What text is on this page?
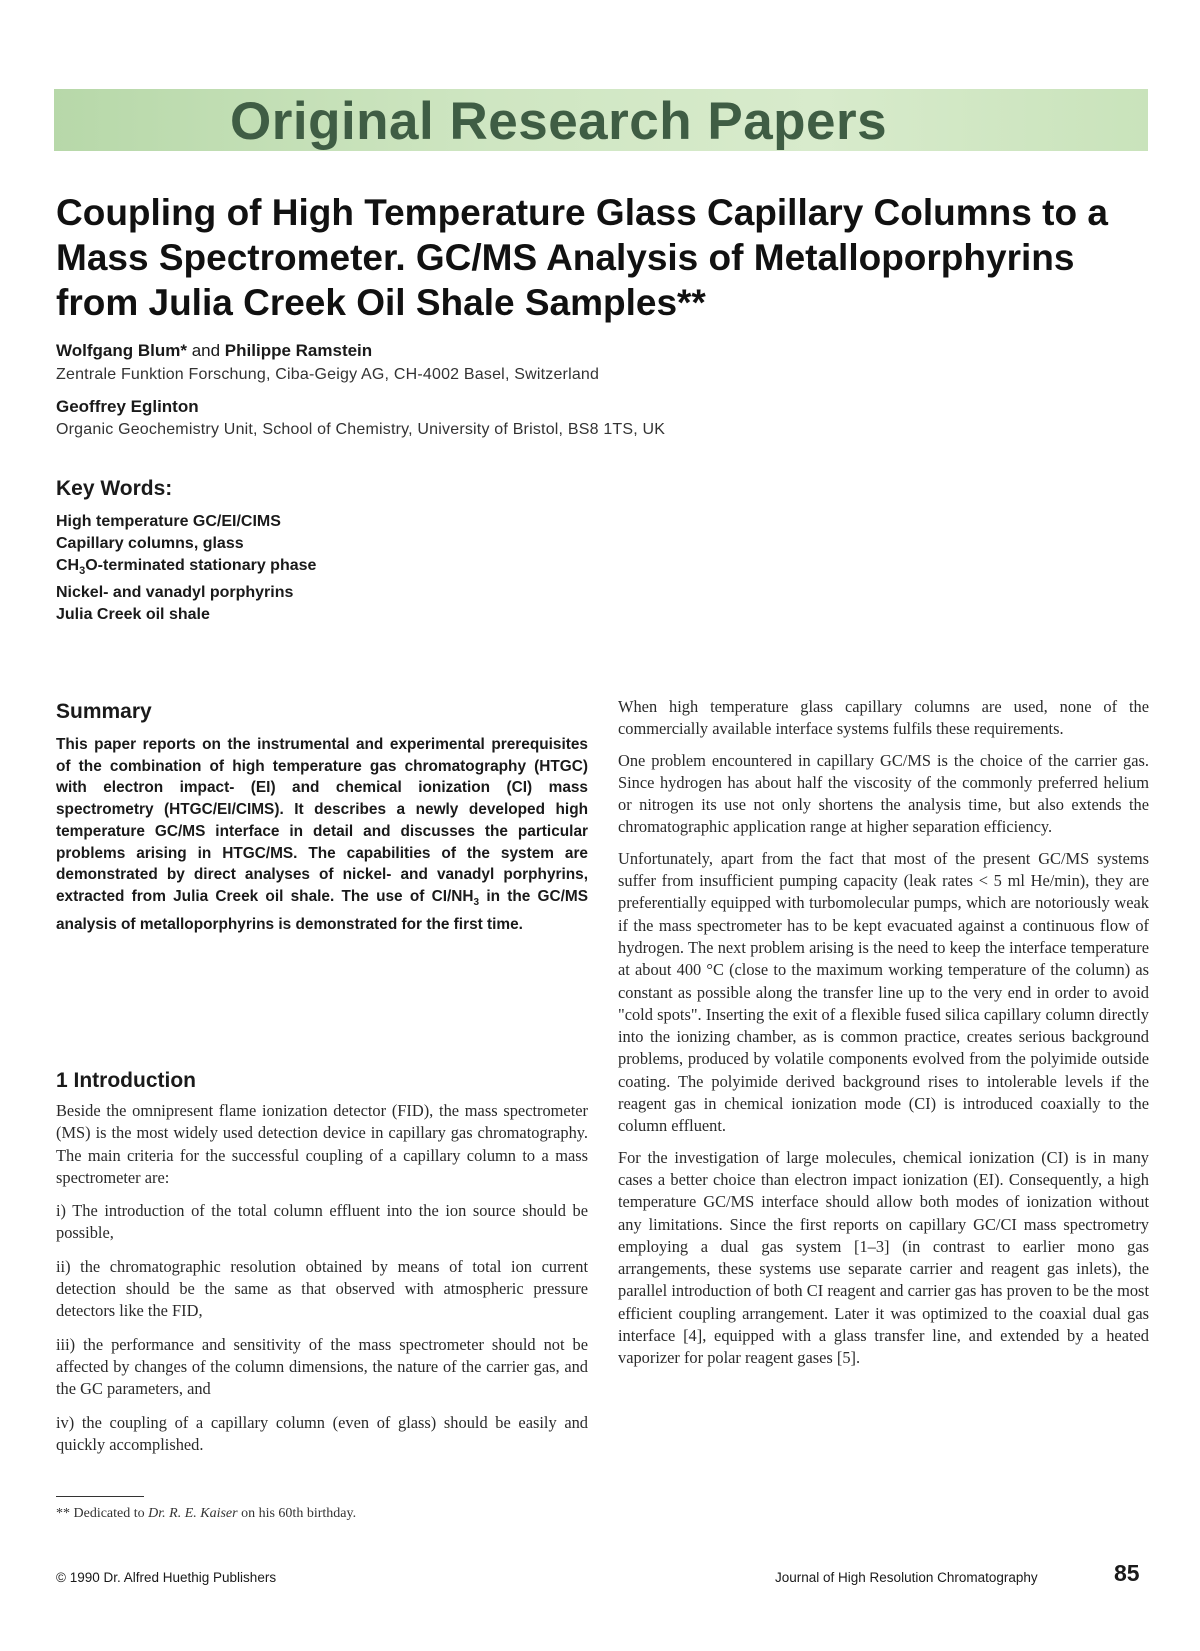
Original Research Papers
Coupling of High Temperature Glass Capillary Columns to a
Mass Spectrometer. GC/MS Analysis of Metalloporphyrins
from Julia Creek Oil Shale Samples**
Wolfgang Blum* and Philippe Ramstein
Zentrale Funktion Forschung, Ciba-Geigy AG, CH-4002 Basel, Switzerland
Geoffrey Eglinton
Organic Geochemistry Unit, School of Chemistry, University of Bristol, BS8 1TS, UK
Key Words:
High temperature GC/EI/CIMS
Capillary columns, glass
$CH_3O$-terminated stationary phase
Nickel- and vanadyl porphyrins
Julia Creek oil shale
Summary

This paper reports on the instrumental and experimental prerequisites of the combination of high temperature gas chromatography (HTGC) with electron impact- (EI) and chemical ionization (CI) mass spectrometry (HTGC/EI/CIMS). It describes a newly developed high temperature GC/MS interface in detail and discusses the particular problems arising in HTGC/MS. The capabilities of the system are demonstrated by direct analyses of nickel- and vanadyl porphyrins, extracted from Julia Creek oil shale. The use of $CI/NH_3$ in the GC/MS analysis of metalloporphyrins is demonstrated for the first time.

1 Introduction

Beside the omnipresent flame ionization detector (FID), the mass spectrometer (MS) is the most widely used detection device in capillary gas chromatography. The main criteria for the successful coupling of a capillary column to a mass spectrometer are:

i) The introduction of the total column effluent into the ion source should be possible,

ii) the chromatographic resolution obtained by means of total ion current detection should be the same as that observed with atmospheric pressure detectors like the FID,

iii) the performance and sensitivity of the mass spectrometer should not be affected by changes of the column dimensions, the nature of the carrier gas, and the GC parameters, and

iv) the coupling of a capillary column (even of glass) should be easily and quickly accomplished.

When high temperature glass capillary columns are used, none of the commercially available interface systems fulfils these requirements.

One problem encountered in capillary GC/MS is the choice of the carrier gas. Since hydrogen has about half the viscosity of the commonly preferred helium or nitrogen its use not only shortens the analysis time, but also extends the chromatographic application range at higher separation efficiency.

Unfortunately, apart from the fact that most of the present GC/MS systems suffer from insufficient pumping capacity (leak rates < 5 ml He/min), they are preferentially equipped with turbomolecular pumps, which are notoriously weak if the mass spectrometer has to be kept evacuated against a continuous flow of hydrogen. The next problem arising is the need to keep the interface temperature at about 400 °C (close to the maximum working temperature of the column) as constant as possible along the transfer line up to the very end in order to avoid "cold spots". Inserting the exit of a flexible fused silica capillary column directly into the ionizing chamber, as is common practice, creates serious background problems, produced by volatile components evolved from the polyimide outside coating. The polyimide derived background rises to intolerable levels if the reagent gas in chemical ionization mode (CI) is introduced coaxially to the column effluent.

For the investigation of large molecules, chemical ionization (CI) is in many cases a better choice than electron impact ionization (EI). Consequently, a high temperature GC/MS interface should allow both modes of ionization without any limitations. Since the first reports on capillary GC/CI mass spectrometry employing a dual gas system [1–3] (in contrast to earlier mono gas arrangements, these systems use separate carrier and reagent gas inlets), the parallel introduction of both CI reagent and carrier gas has proven to be the most efficient coupling arrangement. Later it was optimized to the coaxial dual gas interface [4], equipped with a glass transfer line, and extended by a heated vaporizer for polar reagent gases [5].

** Dedicated to Dr. R. E. Kaiser on his 60th birthday.
© 1990 Dr. Alfred Huethig Publishers	Journal of High Resolution Chromatography	85
